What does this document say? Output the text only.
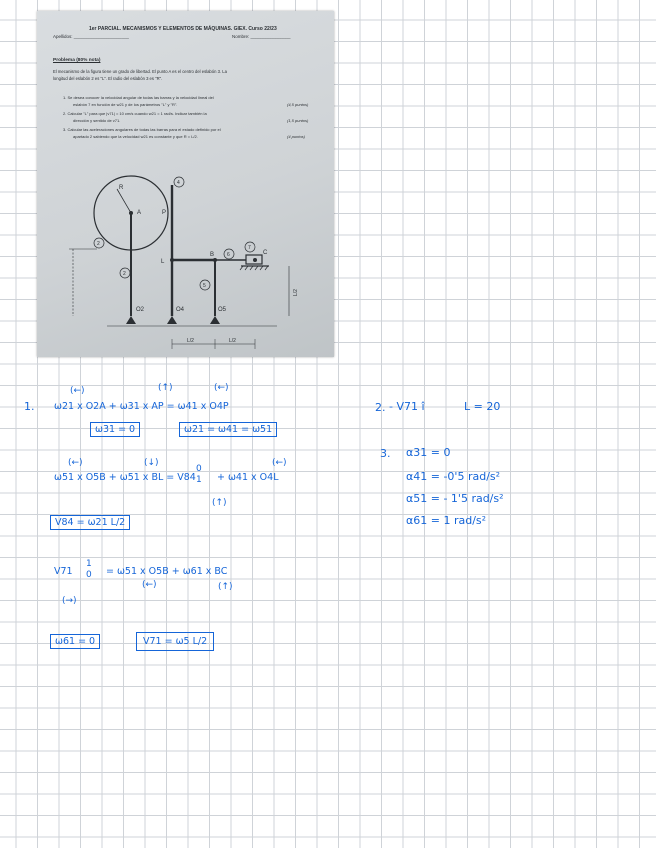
1er PARCIAL. MECANISMOS Y ELEMENTOS DE MÁQUINAS. GIEX. Curso 22/23
Apellidos: ______________________	Nombre: ________________
Problema (80% nota)
El mecanismo de la figura tiene un grado de libertad. El punto A es el centro del eslabón 3. La
longitud del eslabón 2 es "L". El radio del eslabón 3 es "R".
1. Se desea conocer la velocidad angular de todas las barras y la velocidad lineal del
eslabón 7 en función de w21 y de los parámetros "L" y "R".	(4,5 puntos)
2. Calcular "L" para que |v71| = 10 cm/s cuando w21 = 1 rad/s. Indicar también la
dirección y sentido de v71.	(1,5 puntos)
3. Calcular las aceleraciones angulares de todas las barras para el estado definido por el
apartado 2 sabiendo que la velocidad w21 es constante y que R = L/2.	(4 puntos)
R
A	P
L
B	C
O2	O4	O5
2
2
4
5
6
7
L/2
L/2	L/2
1.
(←)	(↑)	(←)
ω21 x O2A + ω31 x AP = ω41 x O4P
ω31 = 0	ω21 = ω41 = ω51
(←)	(↓)	(←)
ω51 x O5B + ω51 x BL = V84
0
1 + ω41 x O4L
(↑)
V84 = ω21 L/2
V71
1
0 = ω51 x O5B + ω61 x BC
(←)	(↑)
(→)
ω61 = 0	V71 = ω5 L/2
2. - V71 î	L = 20
3. α31 = 0
α41 = -0'5 rad/s²
α51 = - 1'5 rad/s²
α61 = 1 rad/s²
